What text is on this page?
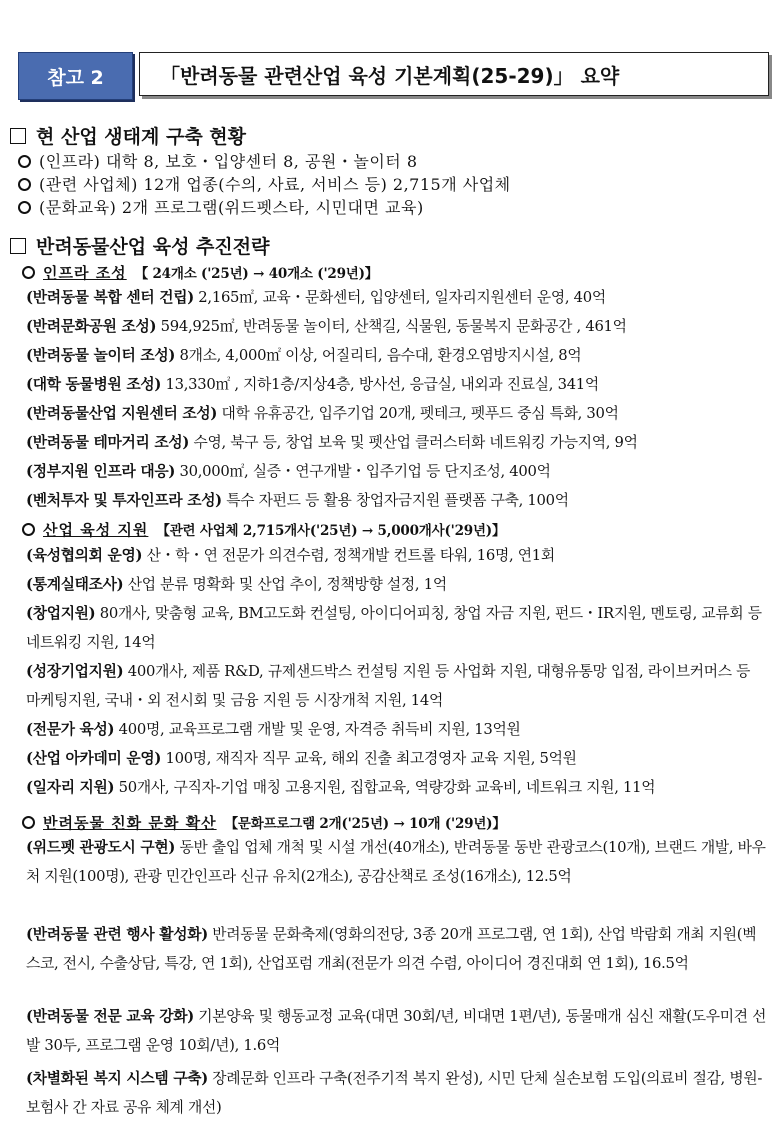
참고 2	「반려동물 관련산업 육성 기본계획(25-29)」 요약
현 산업 생태계 구축 현황
(인프라) 대학 8, 보호・입양센터 8, 공원・놀이터 8
(관련 사업체) 12개 업종(수의, 사료, 서비스 등) 2,715개 사업체
(문화교육) 2개 프로그램(위드펫스타, 시민대면 교육)
반려동물산업 육성 추진전략
인프라 조성 【 24개소 ('25년) → 40개소 ('29년)】
(반려동물 복합 센터 건립) 2,165㎡, 교육・문화센터, 입양센터, 일자리지원센터 운영, 40억
(반려문화공원 조성) 594,925㎡, 반려동물 놀이터, 산책길, 식물원, 동물복지 문화공간 , 461억
(반려동물 놀이터 조성) 8개소, 4,000㎡ 이상, 어질리티, 음수대, 환경오염방지시설, 8억
(대학 동물병원 조성) 13,330㎡ , 지하1층/지상4층, 방사선, 응급실, 내외과 진료실, 341억
(반려동물산업 지원센터 조성) 대학 유휴공간, 입주기업 20개, 펫테크, 펫푸드 중심 특화, 30억
(반려동물 테마거리 조성) 수영, 북구 등, 창업 보육 및 펫산업 클러스터화 네트워킹 가능지역, 9억
(정부지원 인프라 대응) 30,000㎡, 실증・연구개발・입주기업 등 단지조성, 400억
(벤처투자 및 투자인프라 조성) 특수 자펀드 등 활용 창업자금지원 플랫폼 구축, 100억
산업 육성 지원 【관련 사업체 2,715개사('25년) → 5,000개사('29년)】
(육성협의회 운영) 산・학・연 전문가 의견수렴, 정책개발 컨트롤 타워, 16명, 연1회
(통계실태조사) 산업 분류 명확화 및 산업 추이, 정책방향 설정, 1억
(창업지원) 80개사, 맞춤형 교육, BM고도화 컨설팅, 아이디어피칭, 창업 자금 지원, 펀드・IR지원, 멘토링, 교류회 등 네트워킹 지원, 14억
(성장기업지원) 400개사, 제품 R&D, 규제샌드박스 컨설팅 지원 등 사업화 지원, 대형유통망 입점, 라이브커머스 등 마케팅지원, 국내・외 전시회 및 금융 지원 등 시장개척 지원, 14억
(전문가 육성) 400명, 교육프로그램 개발 및 운영, 자격증 취득비 지원, 13억원
(산업 아카데미 운영) 100명, 재직자 직무 교육, 해외 진출 최고경영자 교육 지원, 5억원
(일자리 지원) 50개사, 구직자-기업 매칭 고용지원, 집합교육, 역량강화 교육비, 네트워크 지원, 11억
반려동물 친화 문화 확산 【문화프로그램 2개('25년) → 10개 ('29년)】
(위드펫 관광도시 구현) 동반 출입 업체 개척 및 시설 개선(40개소), 반려동물 동반 관광코스(10개), 브랜드 개발, 바우처 지원(100명), 관광 민간인프라 신규 유치(2개소), 공감산책로 조성(16개소), 12.5억
(반려동물 관련 행사 활성화) 반려동물 문화축제(영화의전당, 3종 20개 프로그램, 연 1회), 산업 박람회 개최 지원(벡스코, 전시, 수출상담, 특강, 연 1회), 산업포럼 개최(전문가 의견 수렴, 아이디어 경진대회 연 1회), 16.5억
(반려동물 전문 교육 강화) 기본양육 및 행동교정 교육(대면 30회/년, 비대면 1편/년), 동물매개 심신 재활(도우미견 선발 30두, 프로그램 운영 10회/년), 1.6억
(차별화된 복지 시스템 구축) 장례문화 인프라 구축(전주기적 복지 완성), 시민 단체 실손보험 도입(의료비 절감, 병원-보험사 간 자료 공유 체계 개선)
